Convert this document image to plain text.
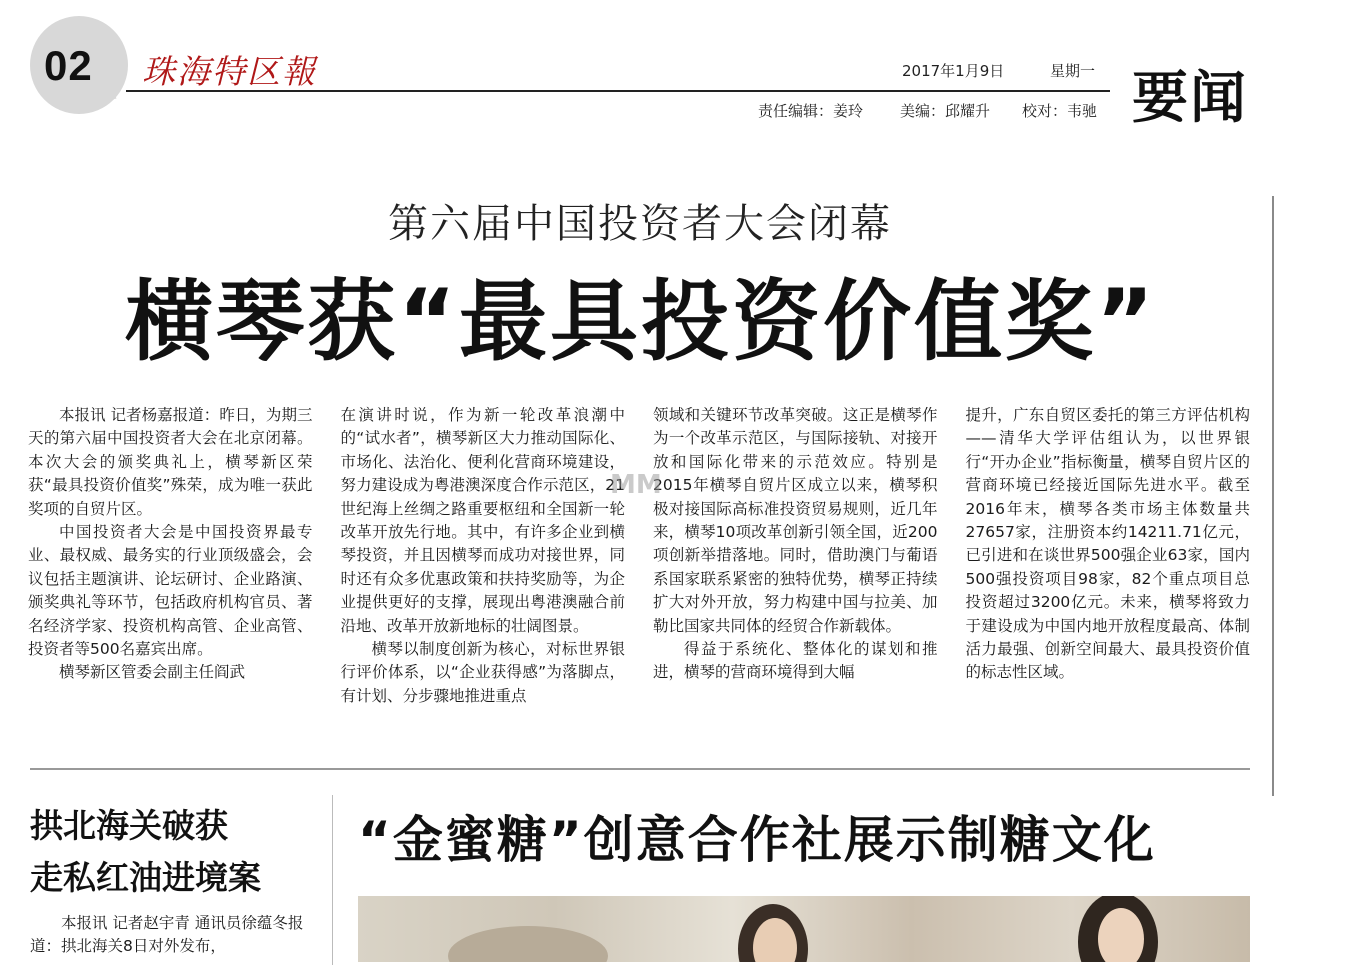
02 珠海特区報	2017年1月9日	星期一
责任编辑：姜玲 美编：邱耀升 校对：韦驰 要闻
第六届中国投资者大会闭幕
横琴获“最具投资价值奖”

本报讯 记者杨嘉报道：昨日，为期三天的第六届中国投资者大会在北京闭幕。本次大会的颁奖典礼上，横琴新区荣获“最具投资价值奖”殊荣，成为唯一获此奖项的自贸片区。

中国投资者大会是中国投资界最专业、最权威、最务实的行业顶级盛会，会议包括主题演讲、论坛研讨、企业路演、颁奖典礼等环节，包括政府机构官员、著名经济学家、投资机构高管、企业高管、投资者等500名嘉宾出席。

横琴新区管委会副主任阎武

在演讲时说，作为新一轮改革浪潮中的“试水者”，横琴新区大力推动国际化、市场化、法治化、便利化营商环境建设，努力建设成为粤港澳深度合作示范区，21世纪海上丝绸之路重要枢纽和全国新一轮改革开放先行地。其中，有许多企业到横琴投资，并且因横琴而成功对接世界，同时还有众多优惠政策和扶持奖励等，为企业提供更好的支撑，展现出粤港澳融合前沿地、改革开放新地标的壮阔图景。

横琴以制度创新为核心，对标世界银行评价体系，以“企业获得感”为落脚点，有计划、分步骤地推进重点

领域和关键环节改革突破。这正是横琴作为一个改革示范区，与国际接轨、对接开放和国际化带来的示范效应。特别是2015年横琴自贸片区成立以来，横琴积极对接国际高标准投资贸易规则，近几年来，横琴10项改革创新引领全国，近200项创新举措落地。同时，借助澳门与葡语系国家联系紧密的独特优势，横琴正持续扩大对外开放，努力构建中国与拉美、加勒比国家共同体的经贸合作新载体。

得益于系统化、整体化的谋划和推进，横琴的营商环境得到大幅

提升，广东自贸区委托的第三方评估机构——清华大学评估组认为，以世界银行“开办企业”指标衡量，横琴自贸片区的营商环境已经接近国际先进水平。截至2016年末，横琴各类市场主体数量共27657家，注册资本约14211.71亿元，已引进和在谈世界500强企业63家，国内500强投资项目98家，82个重点项目总投资超过3200亿元。未来，横琴将致力于建设成为中国内地开放程度最高、体制活力最强、创新空间最大、最具投资价值的标志性区域。

MM
拱北海关破获
走私红油进境案

本报讯 记者赵宇青 通讯员徐蕴冬报道：拱北海关8日对外发布，

“金蜜糖”创意合作社展示制糖文化
